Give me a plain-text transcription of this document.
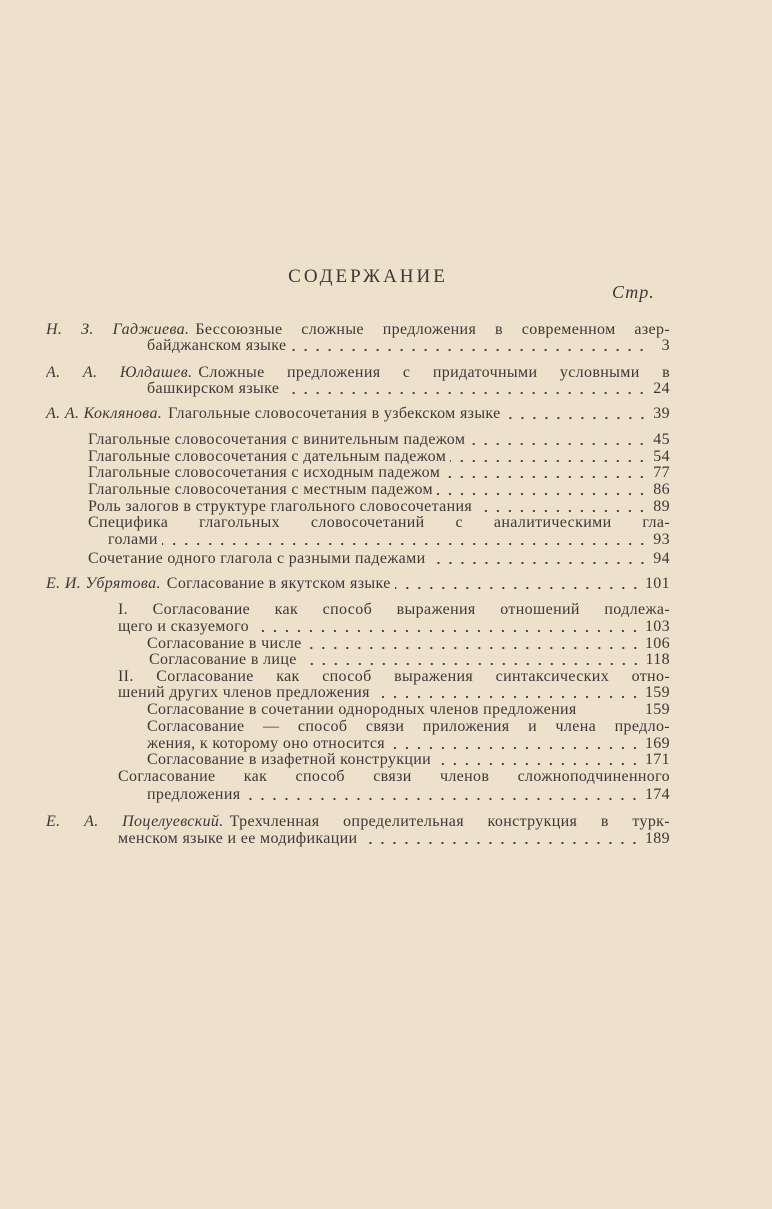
СОДЕРЖАНИЕ
Стр.
Н. З. Гаджиева. Бессоюзные сложные предложения в современном азер-
байджанском языке	3
А. А. Юлдашев. Сложные предложения с придаточными условными в
башкирском языке	24
А. А. Коклянова. Глагольные словосочетания в узбекском языке	39
Глагольные словосочетания с винительным падежом	45
Глагольные словосочетания с дательным падежом	54
Глагольные словосочетания с исходным падежом	77
Глагольные словосочетания с местным падежом	86
Роль залогов в структуре глагольного словосочетания	89
Специфика глагольных словосочетаний с аналитическими гла-
голами	93
Сочетание одного глагола с разными падежами	94
Е. И. Убрятова. Согласование в якутском языке	101
I. Согласование как способ выражения отношений подлежа-
щего и сказуемого	103
Согласование в числе	106
Согласование в лице	118
II. Согласование как способ выражения синтаксических отно-
шений других членов предложения	159
Согласование в сочетании однородных членов предложения	159
Согласование — способ связи приложения и члена предло-
жения, к которому оно относится	169
Согласование в изафетной конструкции	171
Согласование как способ связи членов сложноподчиненного
предложения	174
Е. А. Поцелуевский. Трехчленная определительная конструкция в турк-
менском языке и ее модификации	189
